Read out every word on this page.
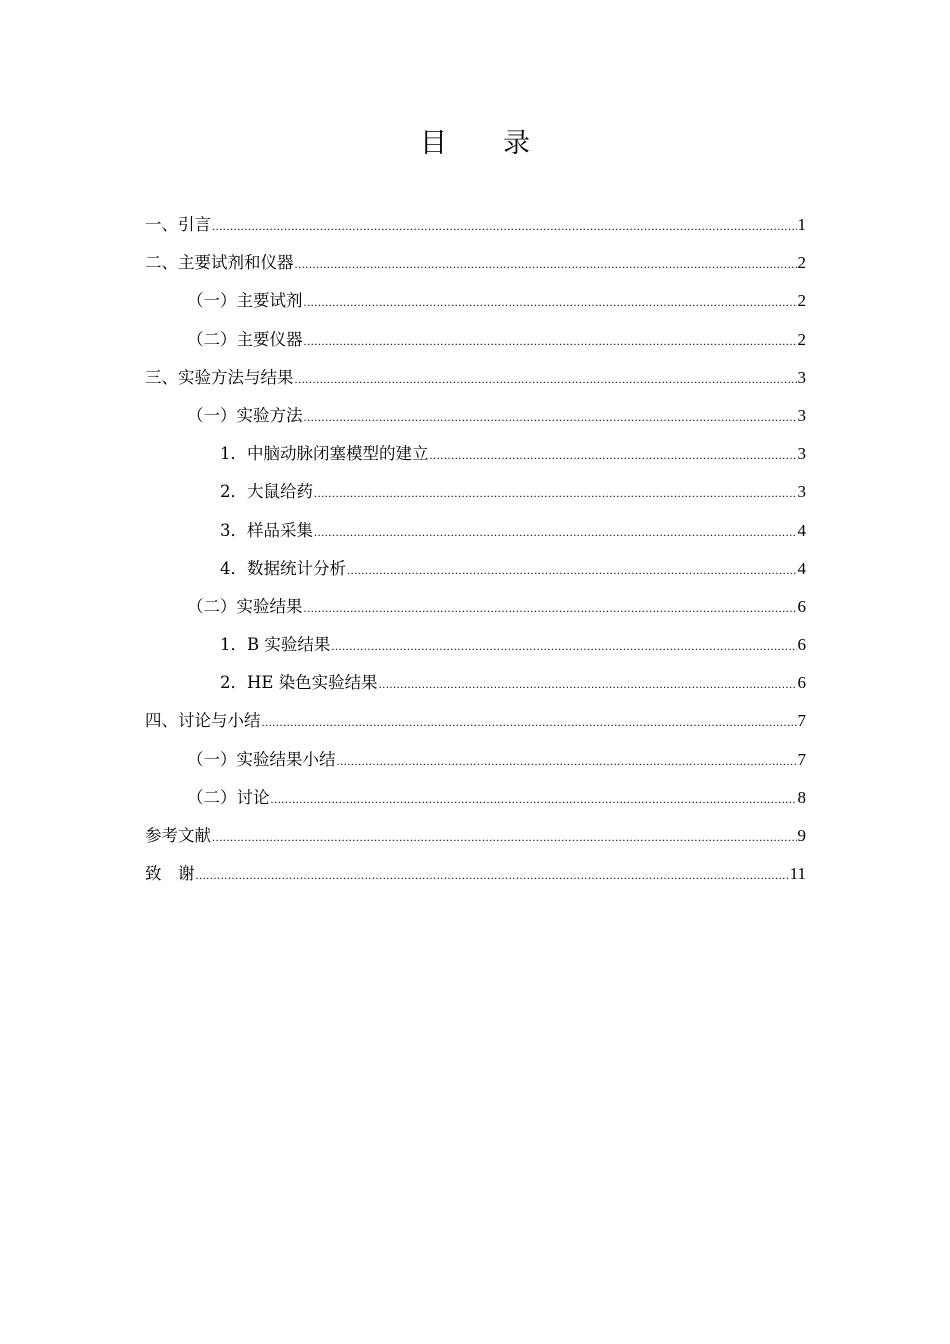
目 录
一、引言 .....	1
二、主要试剂和仪器 .....	2
（一）主要试剂 .....	2
（二）主要仪器 .....	2
三、实验方法与结果 .....	3
（一）实验方法 .....	3
1．中脑动脉闭塞模型的建立 .....	3
2．大鼠给药 .....	3
3．样品采集 .....	4
4．数据统计分析 .....	4
（二）实验结果 .....	6
1．B 实验结果 .....	6
2．HE 染色实验结果 .....	6
四、讨论与小结 .....	7
（一）实验结果小结 .....	7
（二）讨论 .....	8
参考文献 .....	9
致　谢 .....	11
